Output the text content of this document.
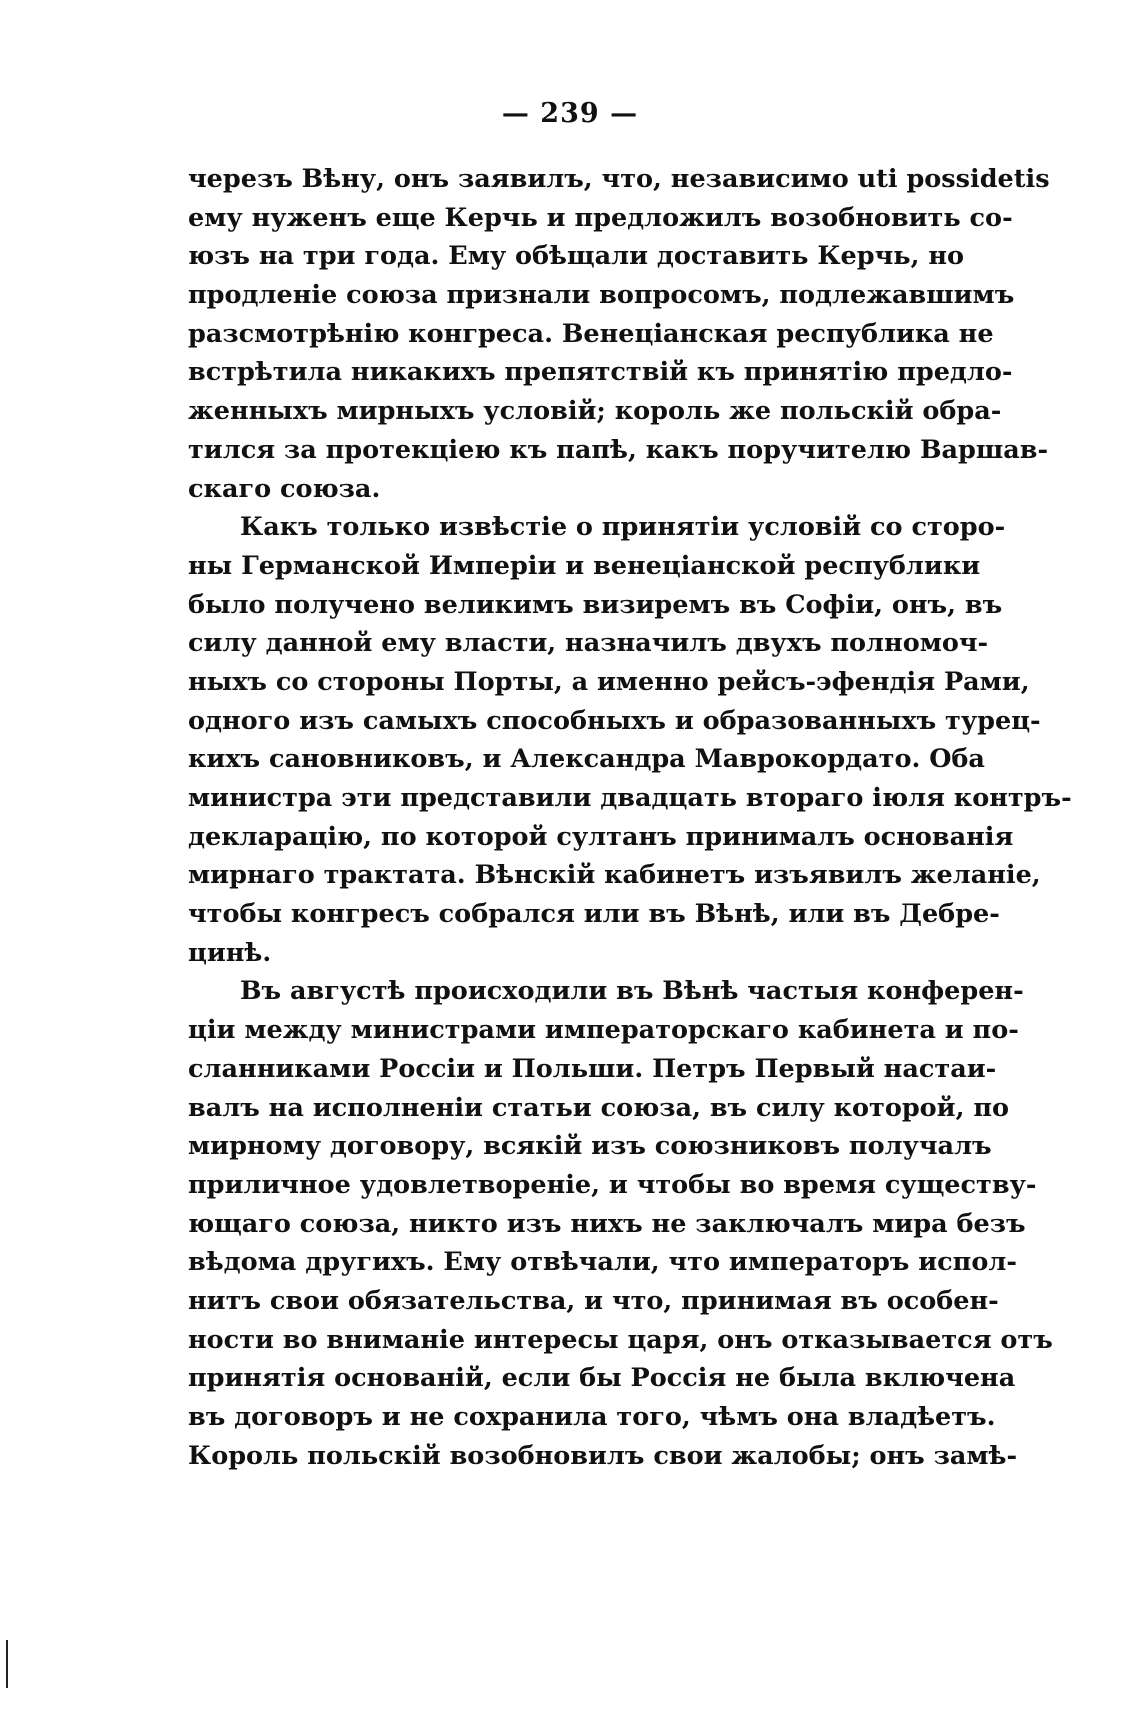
— 239 —
черезъ Вѣну, онъ заявилъ, что, независимо uti possidetis
ему нуженъ еще Керчь и предложилъ возобновить со-
юзъ на три года. Ему обѣщали доставить Керчь, но
продленіе союза признали вопросомъ, подлежавшимъ
разсмотрѣнію конгреса. Венеціанская республика не
встрѣтила никакихъ препятствій къ принятію предло-
женныхъ мирныхъ условій; король же польскій обра-
тился за протекціею къ папѣ, какъ поручителю Варшав-
скаго союза.
Какъ только извѣстіе о принятіи условій со сторо-
ны Германской Имперіи и венеціанской республики
было получено великимъ визиремъ въ Софіи, онъ, въ
силу данной ему власти, назначилъ двухъ полномоч-
ныхъ со стороны Порты, а именно рейсъ-эфендія Рами,
одного изъ самыхъ способныхъ и образованныхъ турец-
кихъ сановниковъ, и Александра Маврокордато. Оба
министра эти представили двадцать втораго іюля контръ-
декларацію, по которой султанъ принималъ основанія
мирнаго трактата. Вѣнскій кабинетъ изъявилъ желаніе,
чтобы конгресъ собрался или въ Вѣнѣ, или въ Дебре-
цинѣ.
Въ августѣ происходили въ Вѣнѣ частыя конферен-
ціи между министрами императорскаго кабинета и по-
сланниками Россіи и Польши. Петръ Первый настаи-
валъ на исполненіи статьи союза, въ силу которой, по
мирному договору, всякій изъ союзниковъ получалъ
приличное удовлетвореніе, и чтобы во время существу-
ющаго союза, никто изъ нихъ не заключалъ мира безъ
вѣдома другихъ. Ему отвѣчали, что императоръ испол-
нитъ свои обязательства, и что, принимая въ особен-
ности во вниманіе интересы царя, онъ отказывается отъ
принятія основаній, если бы Россія не была включена
въ договоръ и не сохранила того, чѣмъ она владѣетъ.
Король польскій возобновилъ свои жалобы; онъ замѣ-
